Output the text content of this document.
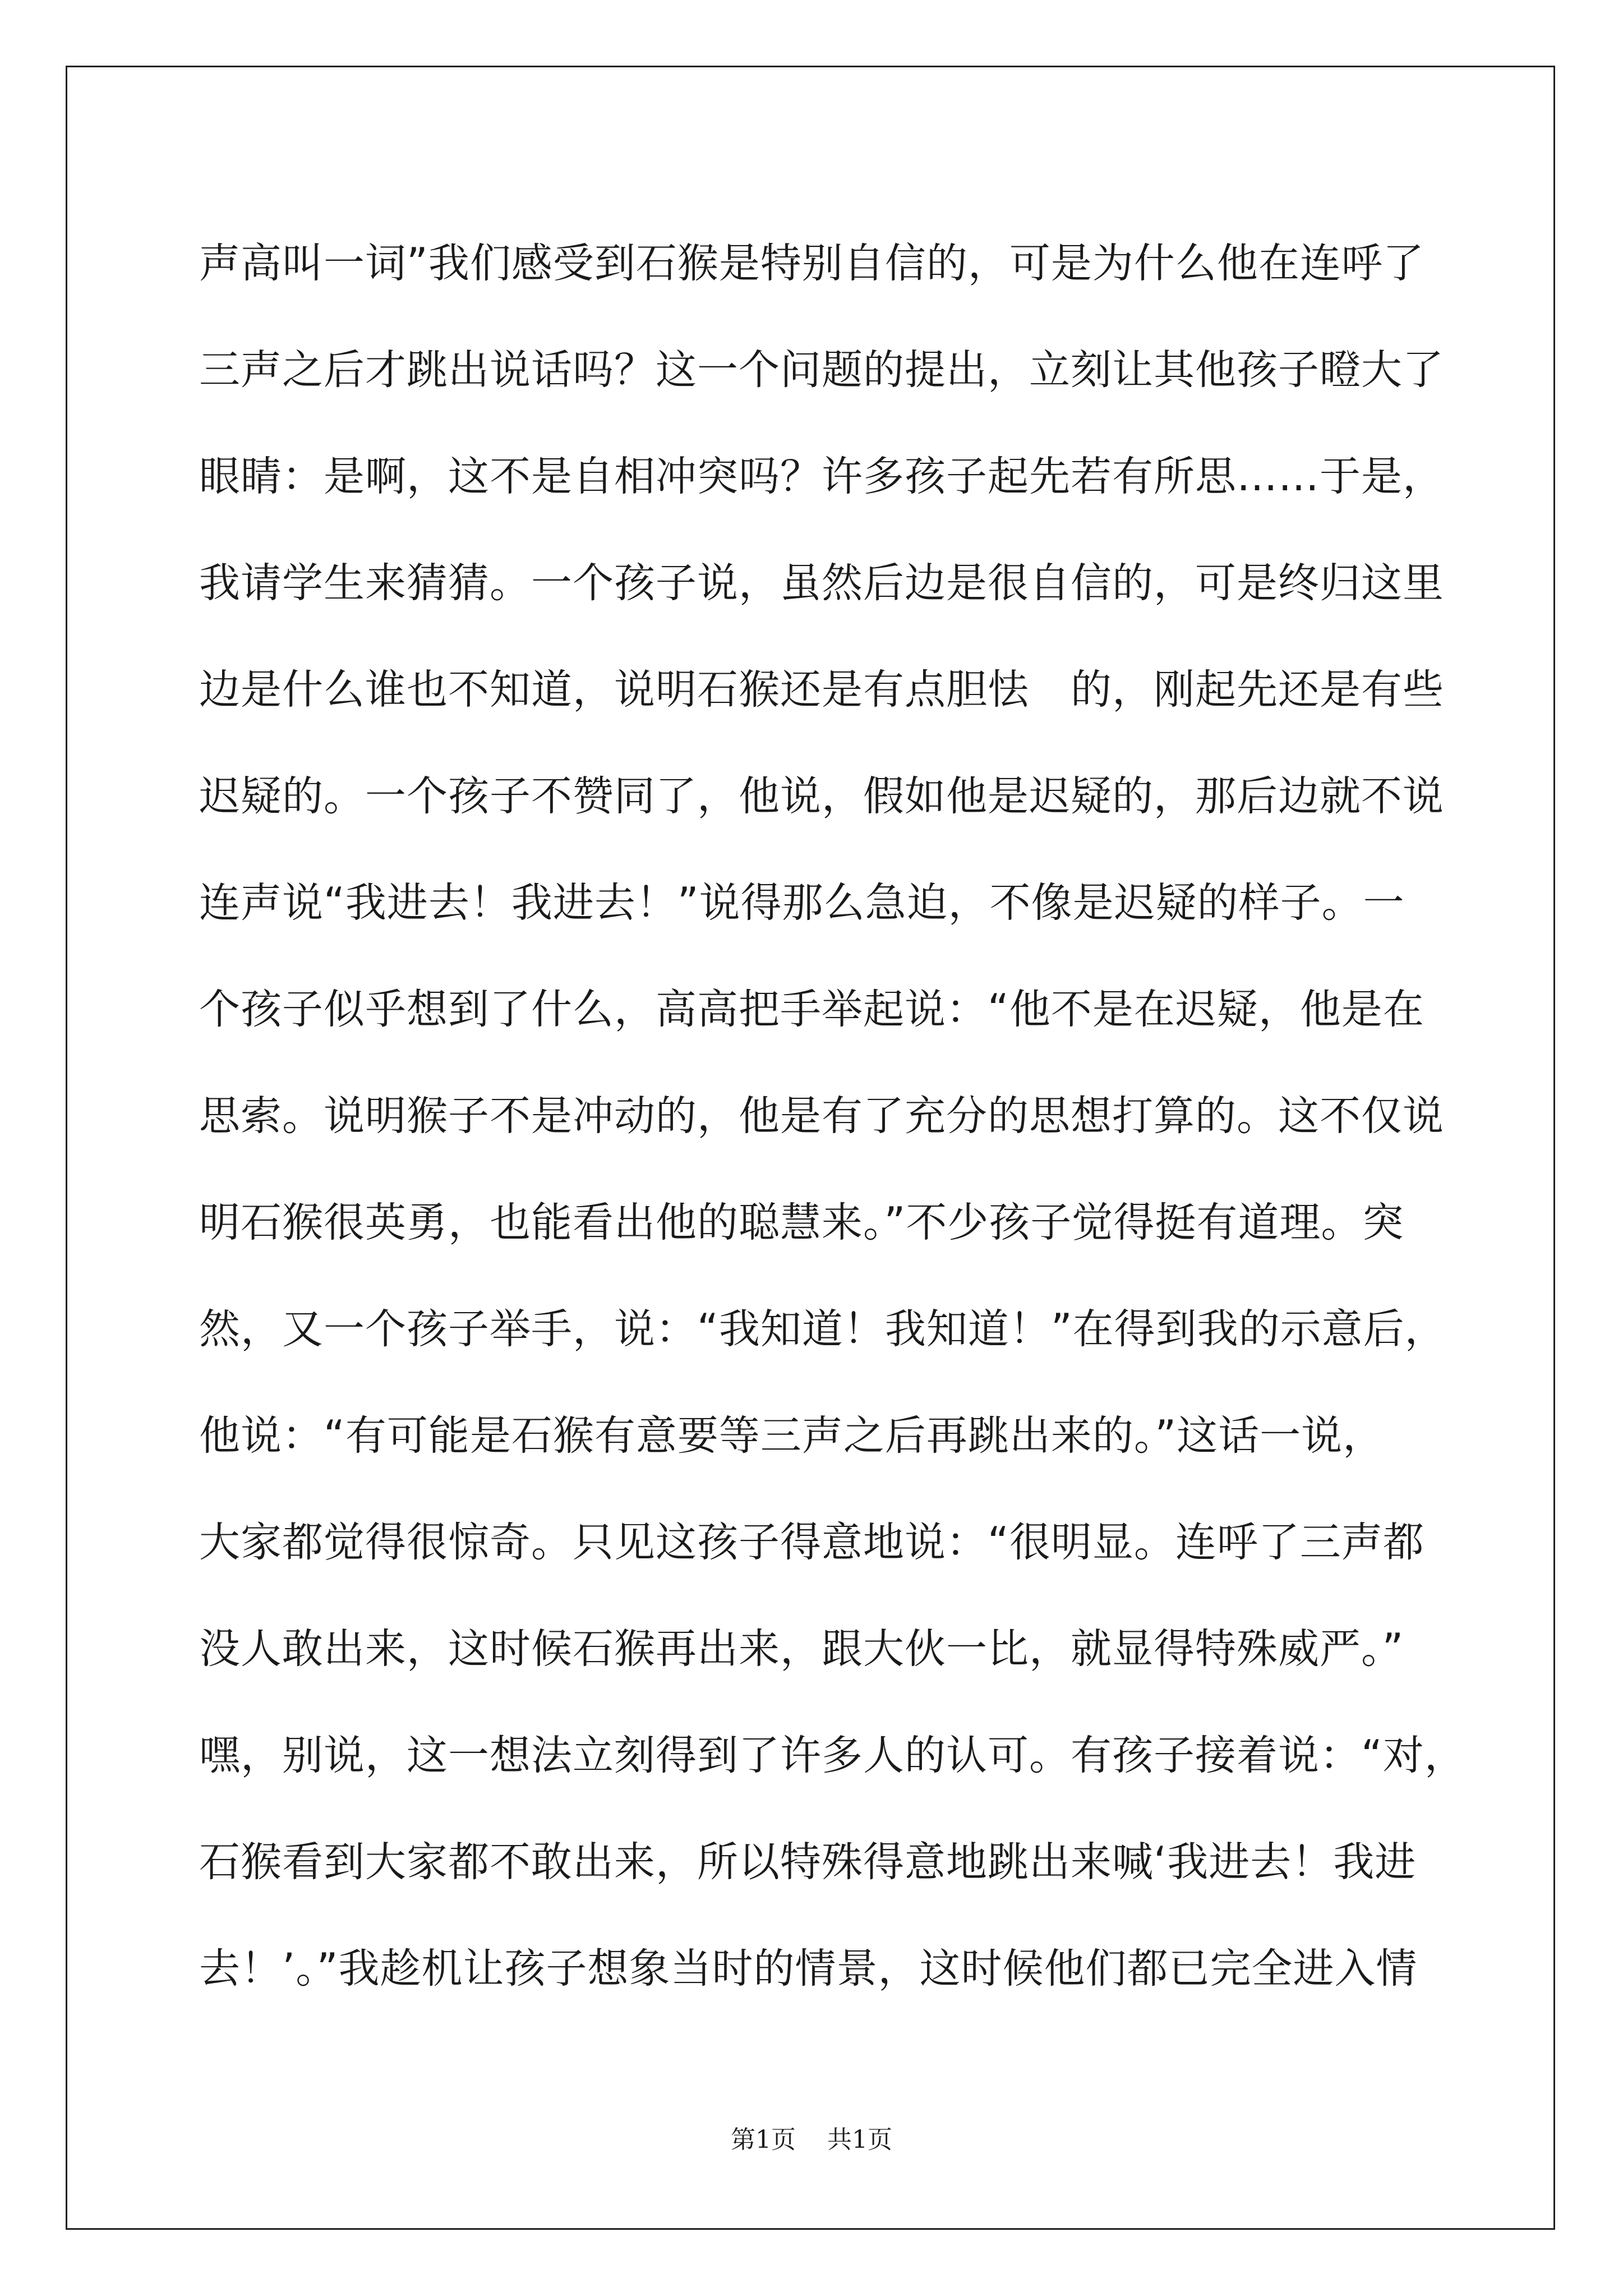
声高叫一词”我们感受到石猴是特别自信的，可是为什么他在连呼了
三声之后才跳出说话吗？这一个问题的提出，立刻让其他孩子瞪大了
眼睛：是啊，这不是自相冲突吗？许多孩子起先若有所思……于是，
我请学生来猜猜。一个孩子说，虽然后边是很自信的，可是终归这里
边是什么谁也不知道，说明石猴还是有点胆怯　的，刚起先还是有些
迟疑的。一个孩子不赞同了，他说，假如他是迟疑的，那后边就不说
连声说“我进去！我进去！”说得那么急迫，不像是迟疑的样子。一
个孩子似乎想到了什么，高高把手举起说：“他不是在迟疑，他是在
思索。说明猴子不是冲动的，他是有了充分的思想打算的。这不仅说
明石猴很英勇，也能看出他的聪慧来。”不少孩子觉得挺有道理。突
然，又一个孩子举手，说：“我知道！我知道！”在得到我的示意后，
他说：“有可能是石猴有意要等三声之后再跳出来的。”这话一说，
大家都觉得很惊奇。只见这孩子得意地说：“很明显。连呼了三声都
没人敢出来，这时候石猴再出来，跟大伙一比，就显得特殊威严。”
嘿，别说，这一想法立刻得到了许多人的认可。有孩子接着说：“对，
石猴看到大家都不敢出来，所以特殊得意地跳出来喊‘我进去！我进
去！’。”我趁机让孩子想象当时的情景，这时候他们都已完全进入情
第1页 共1页
